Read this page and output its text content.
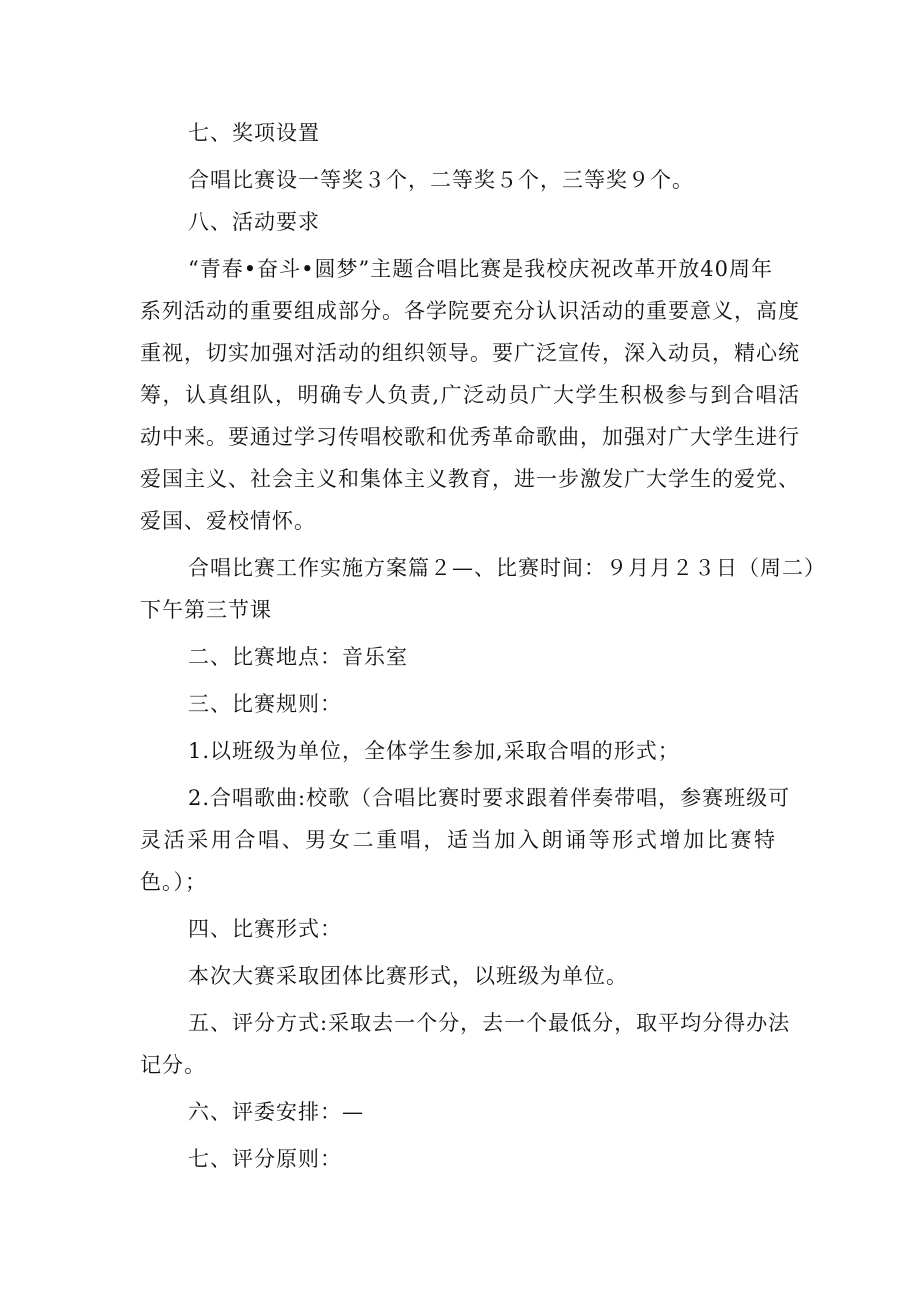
七、奖项设置
合唱比赛设一等奖３个，二等奖５个，三等奖９个。
八、活动要求
“青春•奋斗•圆梦”主题合唱比赛是我校庆祝改革开放40周年
系列活动的重要组成部分。各学院要充分认识活动的重要意义，高度
重视，切实加强对活动的组织领导。要广泛宣传，深入动员，精心统
筹，认真组队，明确专人负责,广泛动员广大学生积极参与到合唱活
动中来。要通过学习传唱校歌和优秀革命歌曲，加强对广大学生进行
爱国主义、社会主义和集体主义教育，进一步激发广大学生的爱党、
爱国、爱校情怀。
合唱比赛工作实施方案篇２—、比赛时间：９月月２３日（周二）
下午第三节课
二、比赛地点：音乐室
三、比赛规则：
1.以班级为单位，全体学生参加,采取合唱的形式；
2.合唱歌曲:校歌（合唱比赛时要求跟着伴奏带唱，参赛班级可
灵活采用合唱、男女二重唱，适当加入朗诵等形式增加比赛特
色。）；
四、比赛形式：
本次大赛采取团体比赛形式，以班级为单位。
五、评分方式:采取去一个分，去一个最低分，取平均分得办法
记分。
六、评委安排：—
七、评分原则：
